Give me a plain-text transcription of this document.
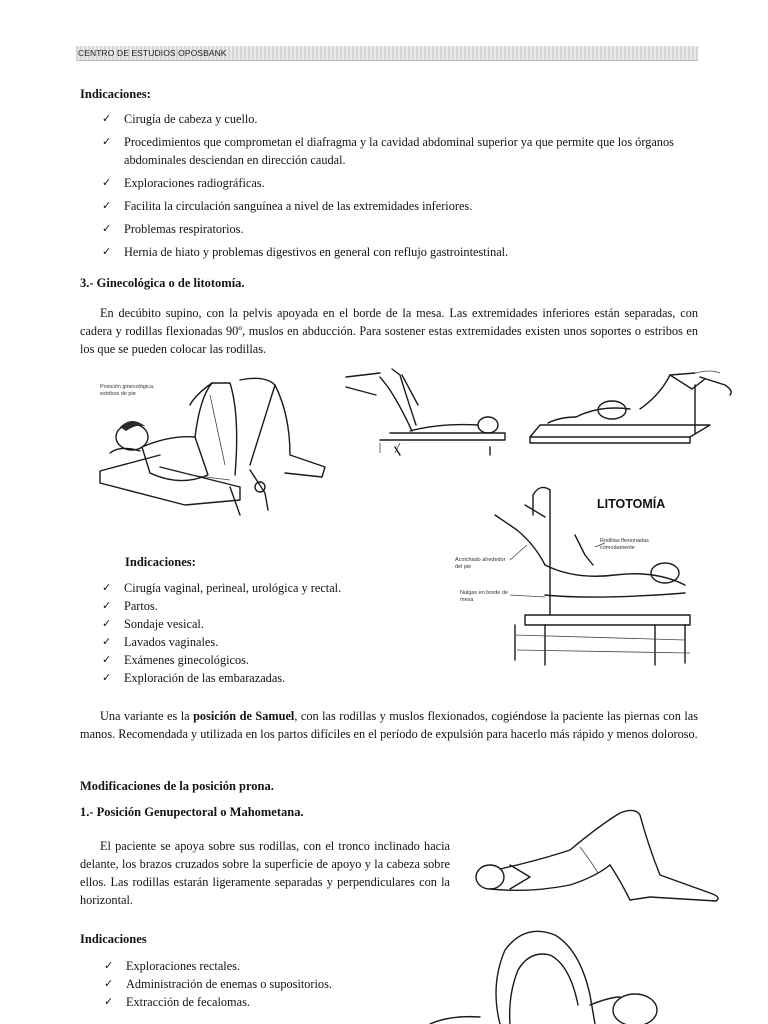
CENTRO DE ESTUDIOS OPOSBANK
Indicaciones:
✓ Cirugía de cabeza y cuello.
✓ Procedimientos que comprometan el diafragma y la cavidad abdominal superior ya que permite que los órganos abdominales desciendan en dirección caudal.
✓ Exploraciones radiográficas.
✓ Facilita la circulación sanguínea a nivel de las extremidades inferiores.
✓ Problemas respiratorios.
✓ Hernia de hiato y problemas digestivos en general con reflujo gastrointestinal.
3.- Ginecológica o de litotomía.

En decúbito supino, con la pelvis apoyada en el borde de la mesa. Las extremidades inferiores están separadas, con cadera y rodillas flexionadas 90º, muslos en abducción. Para sostener estas extremidades existen unos soportes o estribos en los que se pueden colocar las rodillas.

Posición ginecológica, estribos de pie
LITOTOMÍA
Rodillas flexionadas cómodamente
Acolchado alrededor del pie
Nalgas en borde de mesa
Indicaciones:
✓ Cirugía vaginal, perineal, urológica y rectal.
✓ Partos.
✓ Sondaje vesical.
✓ Lavados vaginales.
✓ Exámenes ginecológicos.
✓ Exploración de las embarazadas.

Una variante es la posición de Samuel, con las rodillas y muslos flexionados, cogiéndose la paciente las piernas con las manos. Recomendada y utilizada en los partos difíciles en el período de expulsión para hacerlo más rápido y menos doloroso.

Modificaciones de la posición prona.
1.- Posición Genupectoral o Mahometana.

El paciente se apoya sobre sus rodillas, con el tronco inclinado hacia delante, los brazos cruzados sobre la superficie de apoyo y la cabeza sobre ellos. Las rodillas estarán ligeramente separadas y perpendiculares con la horizontal.

Indicaciones
✓ Exploraciones rectales.
✓ Administración de enemas o supositorios.
✓ Extracción de fecalomas.
